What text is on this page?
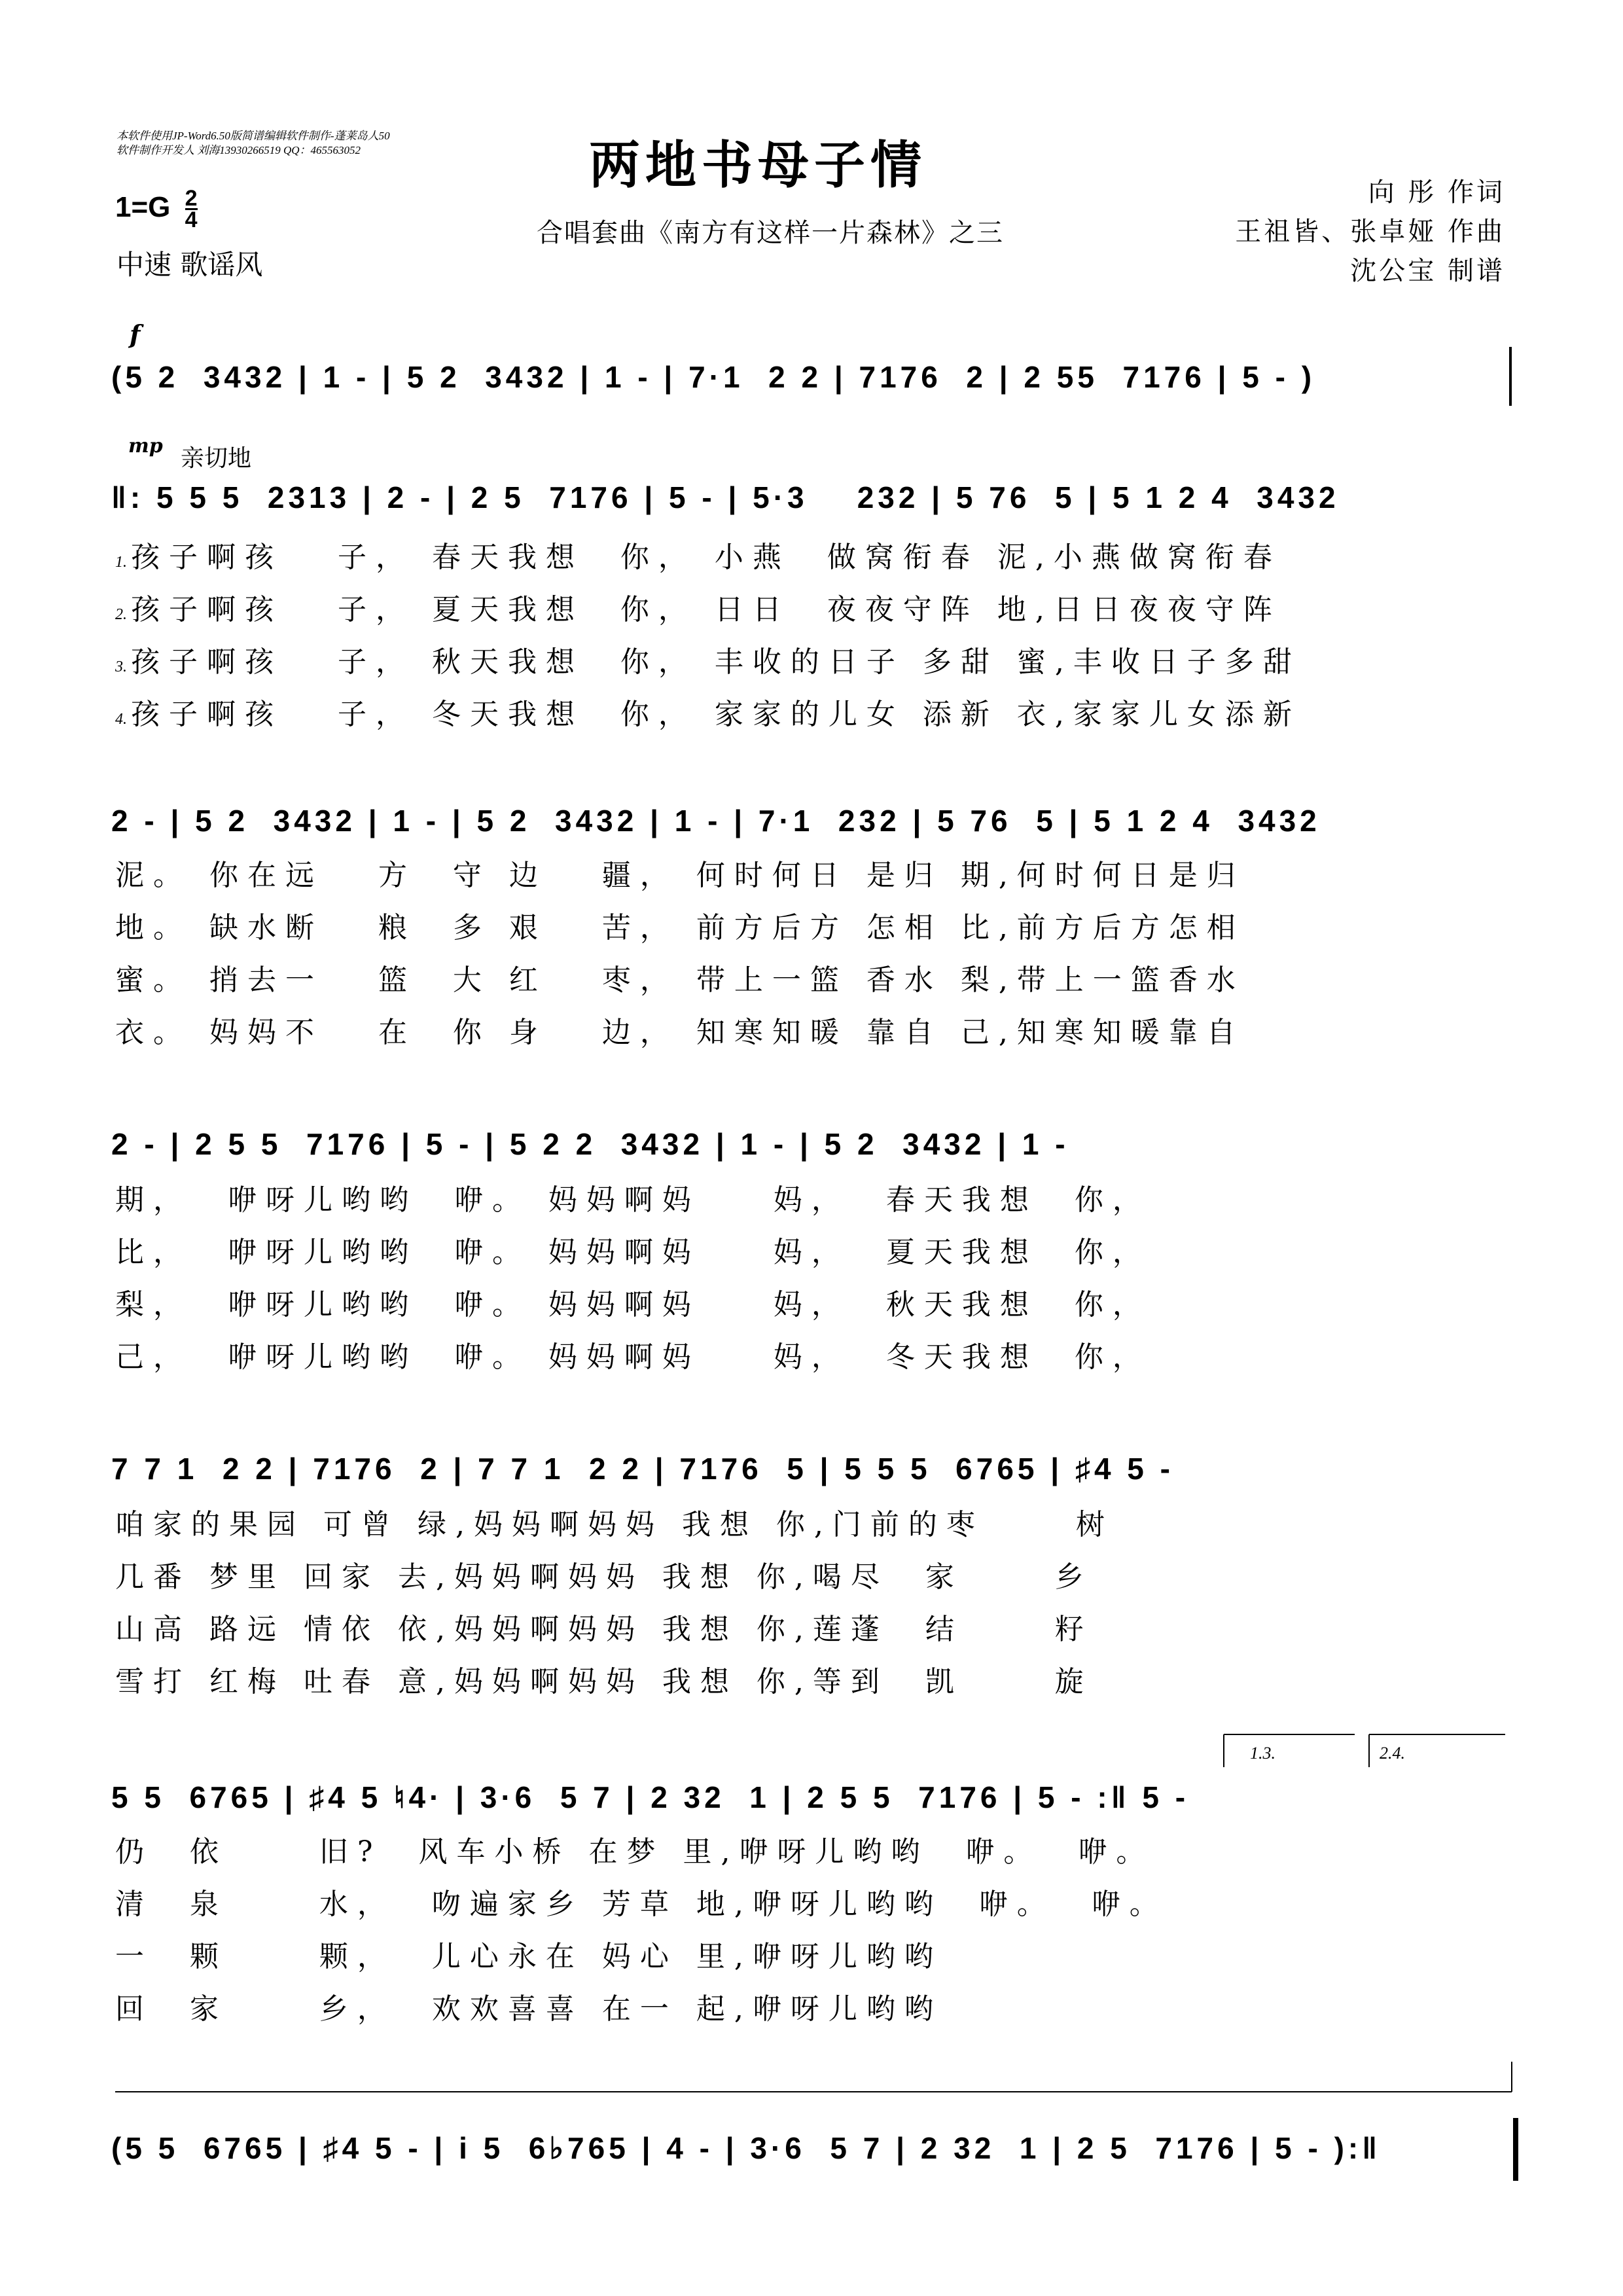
本软件使用JP-Word6.50版简谱编辑软件制作-蓬莱岛人50
软件制作开发人 刘海13930266519 QQ：465563052	两地书母子情
合唱套曲《南方有这样一片森林》之三
$1=G \frac{2}{4}$
中速 歌谣风
向 彤 作词
王祖皆、张卓娅 作曲
沈公宝 制谱
f
(5 2  3432 | 1 - | 5 2  3432 | 1 - | 7·1  2 2 | 7176  2 | 2 55  7176 | 5 - )
mp 亲切地
‖: 5 5 5  2313 | 2 - | 2 5  7176 | 5 - | 5·3    232 | 5 76  5 | 5 1 2 4  3432
1. 孩子啊孩   子， 春天我想  你， 小燕  做窝衔春 泥,小燕做窝衔春
2. 孩子啊孩   子， 夏天我想  你， 日日  夜夜守阵 地,日日夜夜守阵
3. 孩子啊孩   子， 秋天我想  你， 丰收的日子 多甜 蜜,丰收日子多甜
4. 孩子啊孩   子， 冬天我想  你， 家家的儿女 添新 衣,家家儿女添新
2 - | 5 2  3432 | 1 - | 5 2  3432 | 1 - | 7·1  232 | 5 76  5 | 5 1 2 4  3432
泥。 你在远   方  守 边   疆， 何时何日 是归 期,何时何日是归
地。 缺水断   粮  多 艰   苦， 前方后方 怎相 比,前方后方怎相
蜜。 捎去一   篮  大 红   枣， 带上一篮 香水 梨,带上一篮香水
衣。 妈妈不   在  你 身   边， 知寒知暖 靠自 己,知寒知暖靠自
2 - | 2 5 5  7176 | 5 - | 5 2 2  3432 | 1 - | 5 2  3432 | 1 -
期，  咿呀儿哟哟  咿。 妈妈啊妈    妈，  春天我想  你，
比，  咿呀儿哟哟  咿。 妈妈啊妈    妈，  夏天我想  你，
梨，  咿呀儿哟哟  咿。 妈妈啊妈    妈，  秋天我想  你，
己，  咿呀儿哟哟  咿。 妈妈啊妈    妈，  冬天我想  你，
7 7 1  2 2 | 7176  2 | 7 7 1  2 2 | 7176  5 | 5 5 5  6765 | ♯4 5 -
咱家的果园 可曾 绿,妈妈啊妈妈 我想 你,门前的枣     树
几番 梦里 回家 去,妈妈啊妈妈 我想 你,喝尽  家     乡
山高 路远 情依 依,妈妈啊妈妈 我想 你,莲蓬  结     籽
雪打 红梅 吐春 意,妈妈啊妈妈 我想 你,等到  凯     旋
1.3.	2.4.
5 5  6765 | ♯4 5 ♮4· | 3·6  5 7 | 2 32  1 | 2 5 5  7176 | 5 - :‖ 5 -
仍  依     旧?  风车小桥 在梦 里,咿呀儿哟哟  咿。  咿。
清  泉     水，  吻遍家乡 芳草 地,咿呀儿哟哟  咿。  咿。
一  颗     颗，  儿心永在 妈心 里,咿呀儿哟哟
回  家     乡，  欢欢喜喜 在一 起,咿呀儿哟哟
(5 5  6765 | ♯4 5 - | i 5  6♭765 | 4 - | 3·6  5 7 | 2 32  1 | 2 5  7176 | 5 - ):‖
